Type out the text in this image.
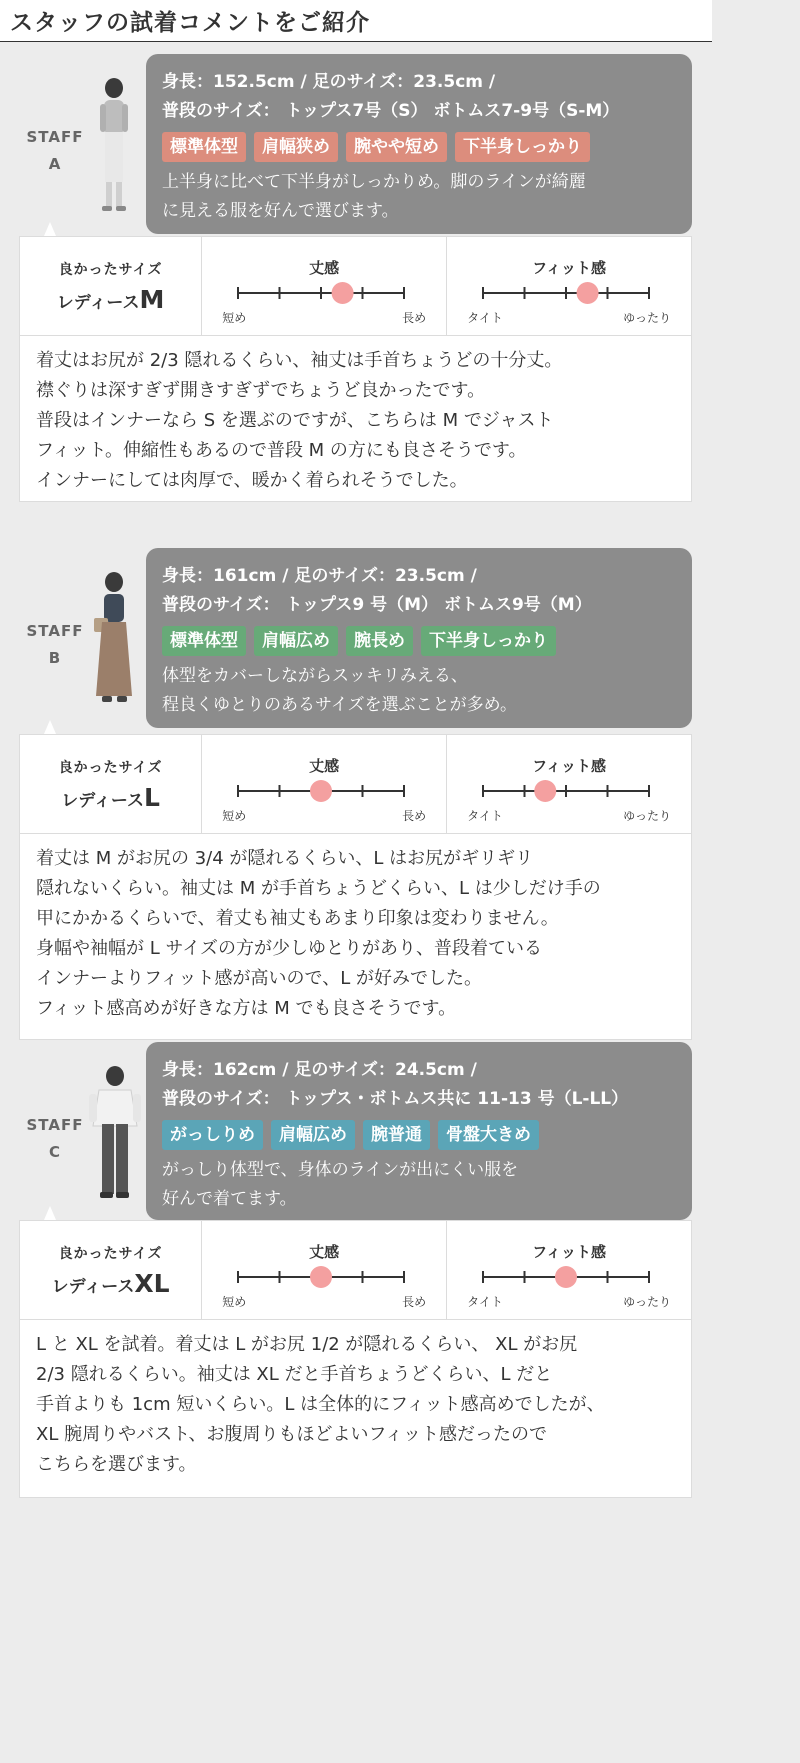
スタッフの試着コメントをご紹介
STAFF
A
身長：152.5cm / 足のサイズ：23.5cm /
普段のサイズ： トップス7号（S） ボトムス7-9号（S-M）
標準体型	肩幅狭め	腕やや短め	下半身しっかり
上半身に比べて下半身がしっかりめ。脚のラインが綺麗
に見える服を好んで選びます。
良かったサイズ
レディースM
丈感
短め	長め
フィット感
タイト	ゆったり
着丈はお尻が 2/3 隠れるくらい、袖丈は手首ちょうどの十分丈。
襟ぐりは深すぎず開きすぎずでちょうど良かったです。
普段はインナーなら S を選ぶのですが、こちらは M でジャスト
フィット。伸縮性もあるので普段 M の方にも良さそうです。
インナーにしては肉厚で、暖かく着られそうでした。
STAFF
B
身長：161cm / 足のサイズ：23.5cm /
普段のサイズ： トップス9 号（M） ボトムス9号（M）
標準体型	肩幅広め	腕長め	下半身しっかり
体型をカバーしながらスッキリみえる、
程良くゆとりのあるサイズを選ぶことが多め。
良かったサイズ
レディースL
丈感
短め	長め
フィット感
タイト	ゆったり
着丈は M がお尻の 3/4 が隠れるくらい、L はお尻がギリギリ
隠れないくらい。袖丈は M が手首ちょうどくらい、L は少しだけ手の
甲にかかるくらいで、着丈も袖丈もあまり印象は変わりません。
身幅や袖幅が L サイズの方が少しゆとりがあり、普段着ている
インナーよりフィット感が高いので、L が好みでした。
フィット感高めが好きな方は M でも良さそうです。
STAFF
C
身長：162cm / 足のサイズ：24.5cm /
普段のサイズ： トップス・ボトムス共に 11-13 号（L-LL）
がっしりめ	肩幅広め	腕普通	骨盤大きめ
がっしり体型で、身体のラインが出にくい服を
好んで着てます。
良かったサイズ
レディースXL
丈感
短め	長め
フィット感
タイト	ゆったり
L と XL を試着。着丈は L がお尻 1/2 が隠れるくらい、 XL がお尻
2/3 隠れるくらい。袖丈は XL だと手首ちょうどくらい、L だと
手首よりも 1cm 短いくらい。L は全体的にフィット感高めでしたが、
XL 腕周りやバスト、お腹周りもほどよいフィット感だったので
こちらを選びます。
